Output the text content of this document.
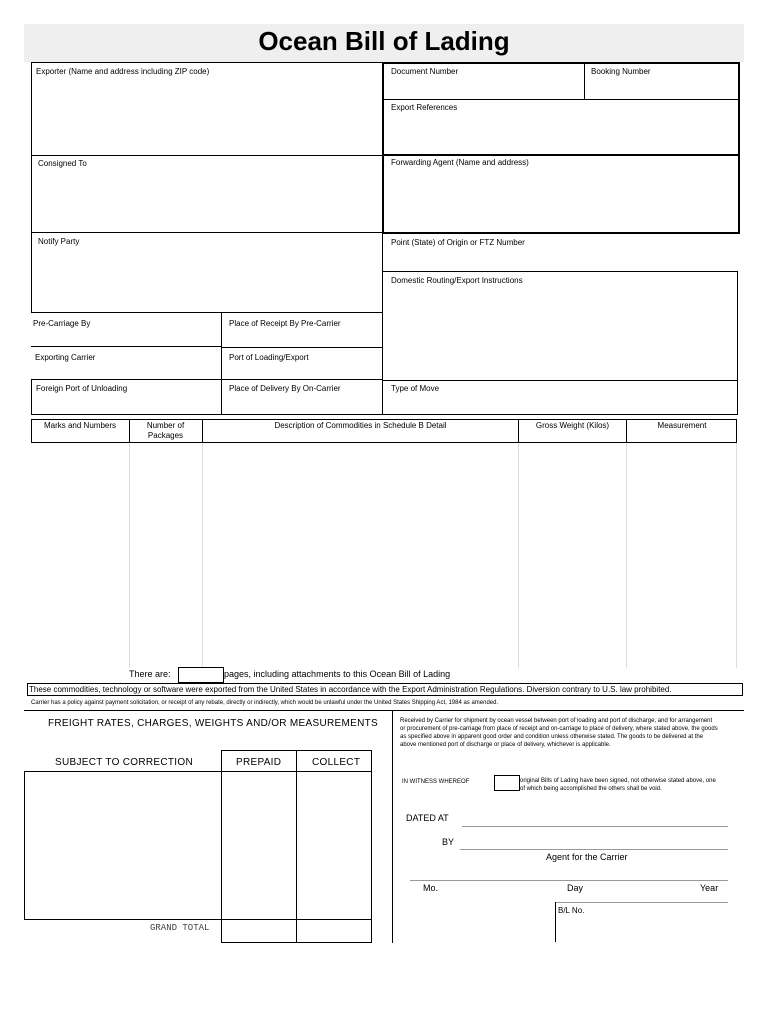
Ocean Bill of Lading
Exporter (Name and address including ZIP code)
Consigned To
Notify Party
Document Number	Booking Number
Export References
Forwarding Agent (Name and address)
Point (State) of Origin or FTZ Number
Domestic Routing/Export Instructions
Pre-Carriage By	Place of Receipt By Pre-Carrier
Exporting Carrier	Port of Loading/Export
Foreign Port of Unloading	Place of Delivery By On-Carrier	Type of Move
Marks and Numbers	Number of
Packages
Description of Commodities in Schedule B Detail	Gross Weight (Kilos)	Measurement
There are:	pages, including attachments to this Ocean Bill of Lading
These commodities, technology or software were exported from the United States in accordance with the Export Administration Regulations. Diversion contrary to U.S. law prohibited.
Carrier has a policy against payment solicitation, or receipt of any rebate, directly or indirectly, which would be unlawful under the United States Shipping Act, 1984 as amended.
FREIGHT RATES, CHARGES, WEIGHTS AND/OR MEASUREMENTS
SUBJECT TO CORRECTION	PREPAID	COLLECT
GRAND TOTAL
Received by Carrier for shipment by ocean vessel between port of loading and port of discharge, and for arrangement or procurement of pre-carriage from place of receipt and on-carriage to place of delivery, where stated above, the goods as specified above in apparent good order and condition unless otherwise stated. The goods to be delivered at the above mentioned port of discharge or place of delivery, whichever is applicable.
IN WITNESS WHEREOF	original Bills of Lading have been signed, not otherwise stated above, one of which being accomplished the others shall be void.
DATED AT
BY
Agent for the Carrier
Mo.	Day	Year
B/L No.
